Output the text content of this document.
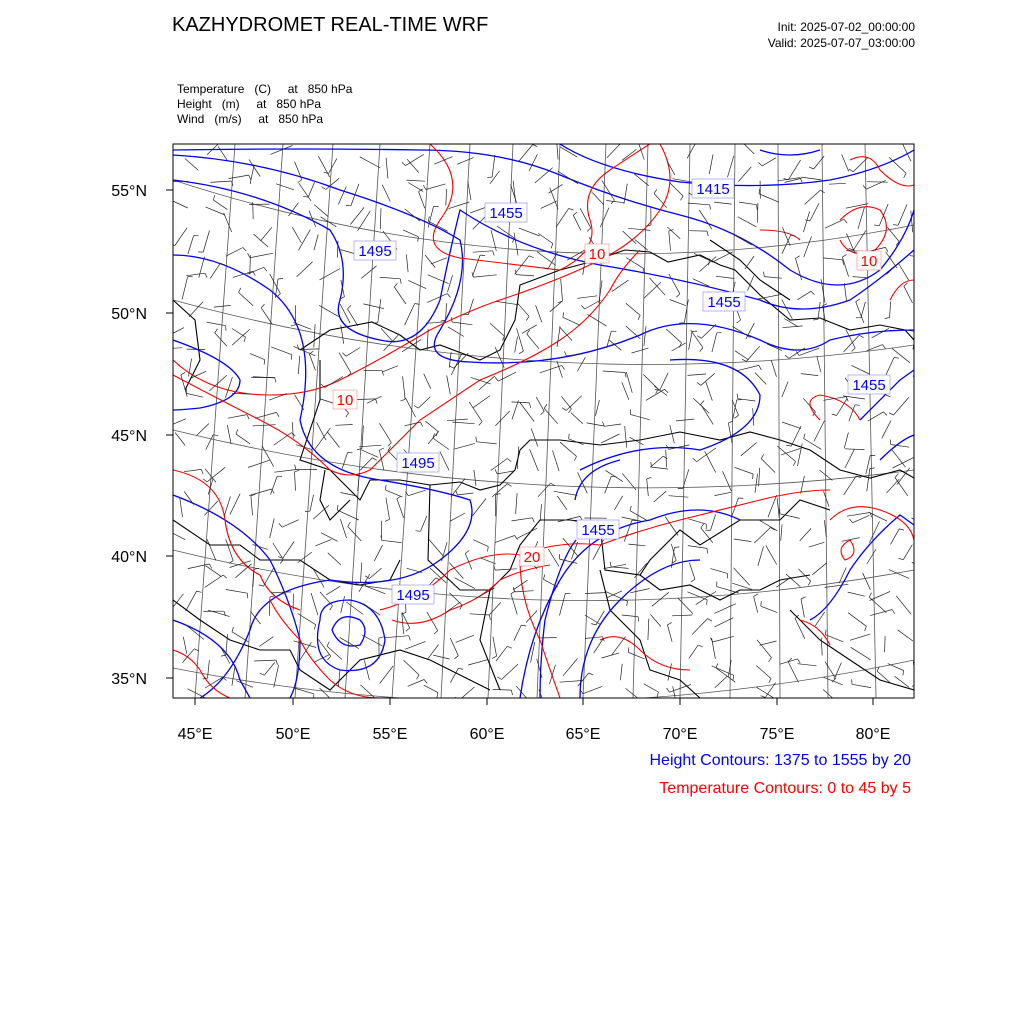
KAZHYDROMET REAL-TIME WRF	Init: 2025-07-02_00:00:00
Valid: 2025-07-07_03:00:00
Temperature   (C)     at   850 hPa
Height   (m)     at   850 hPa
Wind   (m/s)     at   850 hPa
1415
1455
1495
1455
1455
1495
1455
1495
10	10
10
20
55°N
50°N
45°N
40°N
35°N
45°E	50°E	55°E	60°E	65°E	70°E	75°E	80°E
Height Contours: 1375 to 1555 by 20
Temperature Contours: 0 to 45 by 5
